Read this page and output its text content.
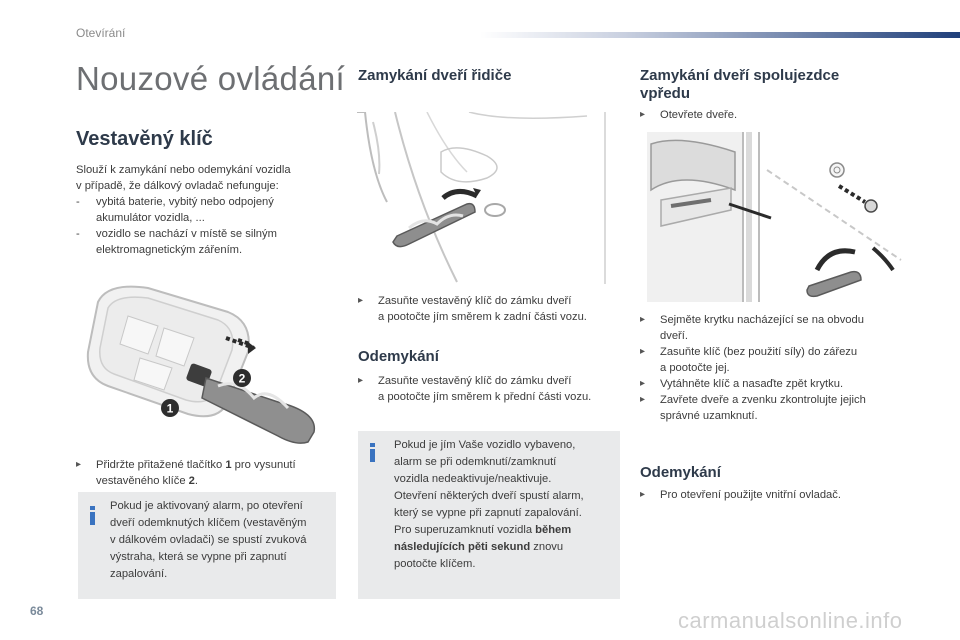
Otevírání
Nouzové ovládání
Vestavěný klíč
Slouží k zamykání nebo odemykání vozidla
v případě, že dálkový ovladač nefunguje:
-	vybitá baterie, vybitý nebo odpojený
akumulátor vozidla, ...
-	vozidlo se nachází v místě se silným
elektromagnetickým zářením.
1
2
▸	Přidržte přitažené tlačítko 1 pro vysunutí
vestavěného klíče 2.
Pokud je aktivovaný alarm, po otevření
dveří odemknutých klíčem (vestavěným
v dálkovém ovladači) se spustí zvuková
výstraha, která se vypne při zapnutí
zapalování.
Zamykání dveří řidiče
▸	Zasuňte vestavěný klíč do zámku dveří
a pootočte jím směrem k zadní části vozu.
Odemykání
▸	Zasuňte vestavěný klíč do zámku dveří
a pootočte jím směrem k přední části vozu.
Pokud je jím Vaše vozidlo vybaveno,
alarm se při odemknutí/zamknutí
vozidla nedeaktivuje/neaktivuje.
Otevření některých dveří spustí alarm,
který se vypne při zapnutí zapalování.
Pro superuzamknutí vozidla během
následujících pěti sekund znovu
pootočte klíčem.
Zamykání dveří spolujezdce
vpředu
▸	Otevřete dveře.
▸	Sejměte krytku nacházející se na obvodu
dveří.
▸	Zasuňte klíč (bez použití síly) do zářezu
a pootočte jej.
▸	Vytáhněte klíč a nasaďte zpět krytku.
▸	Zavřete dveře a zvenku zkontrolujte jejich
správné uzamknutí.
Odemykání
▸	Pro otevření použijte vnitřní ovladač.
68	carmanualsonline.info
